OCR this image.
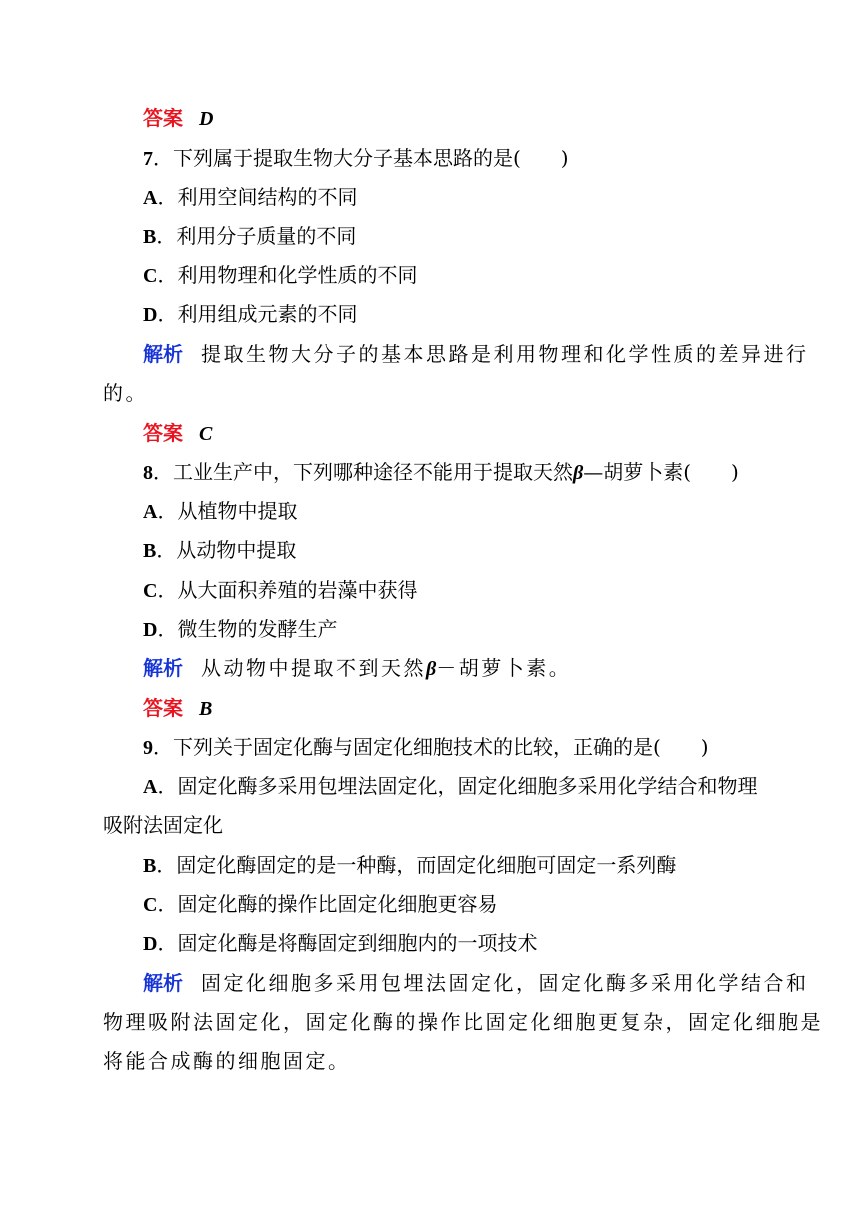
答案 D
7．下列属于提取生物大分子基本思路的是(　　)
A．利用空间结构的不同
B．利用分子质量的不同
C．利用物理和化学性质的不同
D．利用组成元素的不同
解析 提取生物大分子的基本思路是利用物理和化学性质的差异进行
的。
答案 C
8．工业生产中，下列哪种途径不能用于提取天然β—胡萝卜素(　　)
A．从植物中提取
B．从动物中提取
C．从大面积养殖的岩藻中获得
D．微生物的发酵生产
解析 从动物中提取不到天然β－胡萝卜素。
答案 B
9．下列关于固定化酶与固定化细胞技术的比较，正确的是(　　)
A．固定化酶多采用包埋法固定化，固定化细胞多采用化学结合和物理
吸附法固定化
B．固定化酶固定的是一种酶，而固定化细胞可固定一系列酶
C．固定化酶的操作比固定化细胞更容易
D．固定化酶是将酶固定到细胞内的一项技术
解析 固定化细胞多采用包埋法固定化，固定化酶多采用化学结合和
物理吸附法固定化，固定化酶的操作比固定化细胞更复杂，固定化细胞是
将能合成酶的细胞固定。
